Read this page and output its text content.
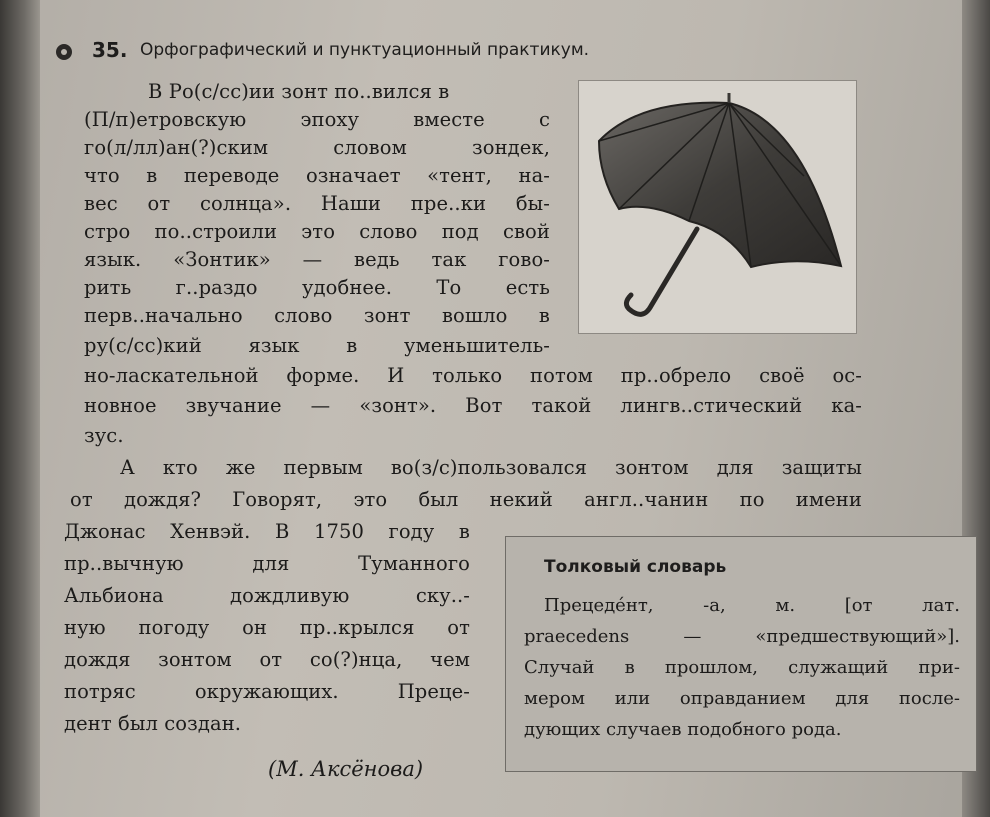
35. Орфографический и пунктуационный практикум.
В Ро(с/сс)ии зонт по..вился в
(П/п)етровскую эпоху вместе с
го(л/лл)ан(?)ским словом зондек,
что в переводе означает «тент, на-
вес от солнца». Наши пре..ки бы-
стро по..строили это слово под свой
язык. «Зонтик» — ведь так гово-
рить г..раздо удобнее. То есть
перв..начально слово зонт вошло в
ру(с/сс)кий язык в уменьшитель-
но-ласкательной форме. И только потом пр..обрело своё ос-
новное звучание — «зонт». Вот такой лингв..стический ка-
зус.
А кто же первым во(з/с)пользовался зонтом для защиты
от дождя? Говорят, это был некий англ..чанин по имени
Джонас Хенвэй. В 1750 году в
пр..вычную для Туманного
Альбиона дождливую ску..-
ную погоду он пр..крылся от
дождя зонтом от со(?)нца, чем
потряс окружающих. Преце-
дент был создан.
(М. Аксёнова)
Толковый словарь
Прецеде́нт, -а, м. [от лат.
praecedens — «предшествующий»].
Случай в прошлом, служащий при-
мером или оправданием для после-
дующих случаев подобного рода.
